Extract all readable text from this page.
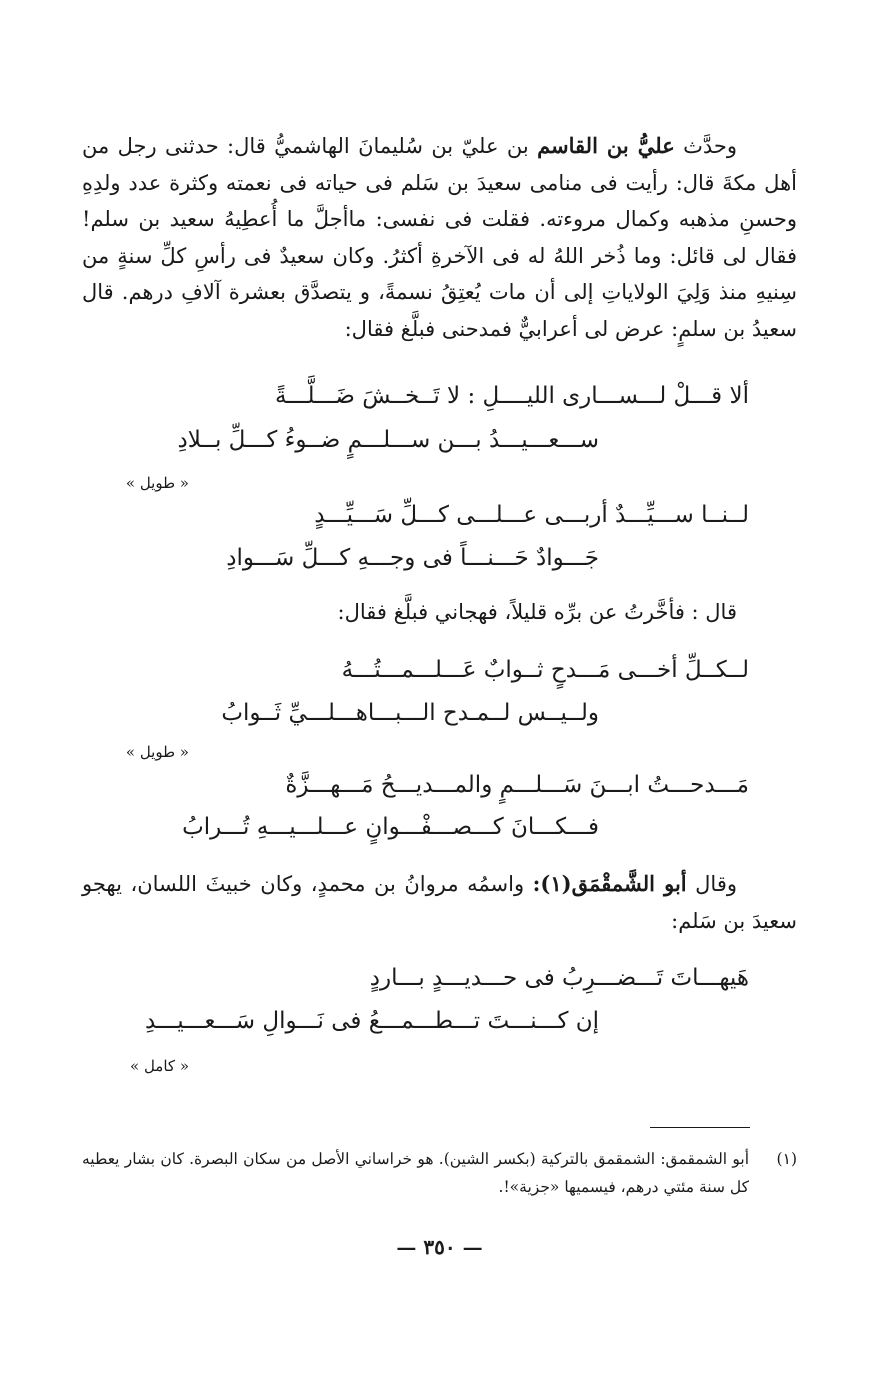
وحدَّث عليُّ بن القاسم بن عليّ بن سُليمانَ الهاشميُّ قال: حدثنى رجل من أهل مكةَ قال: رأيت فى منامى سعيدَ بن سَلم فى حياته فى نعمته وكثرة عدد ولدِهِ وحسنِ مذهبه وكمال مروءته. فقلت فى نفسى: ماأجلَّ ما أُعطِيهُ سعيد بن سلم! فقال لى قائل: وما ذُخر اللهُ له فى الآخرةِ أكثرُ. وكان سعيدٌ فى رأسِ كلِّ سنةٍ من سِنيهِ منذ وَلِيَ الولاياتِ إلى أن مات يُعتِقُ نسمةً، و يتصدَّق بعشرة آلافِ درهم. قال سعيدُ بن سلمٍ: عرض لى أعرابيٌّ فمدحنى فبلَّغ فقال:

ألا قـــلْ لـــســـارى الليــــلِ : لا تَــخــشَ ضَـــلَّـــةً
ســـعـــيـــدُ بـــن ســـلـــمٍ ضــوءُ كـــلِّ بــلادِ
« طويل »
لــنــا ســـيِّـــدٌ أربـــى عـــلـــى كـــلِّ سَـــيِّـــدٍ
جَـــوادٌ حَـــنـــاً فى وجـــهِ كـــلِّ سَـــوادِ

قال : فأخَّرتُ عن برِّه قليلاً، فهجاني فبلَّغ فقال:

لــكــلِّ أخـــى مَـــدحٍ ثــوابٌ عَـــلـــمـــتُـــهُ
ولــيــس لــمـدح الـــبـــاهـــلـــيِّ ثَــوابُ
« طويل »
مَـــدحـــتُ ابـــنَ سَـــلـــمٍ والمـــديـــحُ مَـــهـــزَّةٌ
فـــكـــانَ كـــصـــفْـــوانٍ عـــلـــيـــهِ تُـــرابُ

وقال أبو الشَّمقْمَق(١): واسمُه مروانُ بن محمدٍ، وكان خبيثَ اللسان، يهجو سعيدَ بن سَلم:

هَيهـــاتَ تَـــضـــرِبُ فى حـــديـــدٍ بـــاردٍ
إن كـــنـــتَ تـــطـــمـــعُ فى نَـــوالِ سَـــعـــيـــدِ
« كامل »
(١)
أبو الشمقمق: الشمقمق بالتركية (بكسر الشين). هو خراساني الأصل من سكان البصرة. كان بشار يعطيه كل سنة مئتي درهم، فيسميها «جزية»!.
— ٣٥٠ —
